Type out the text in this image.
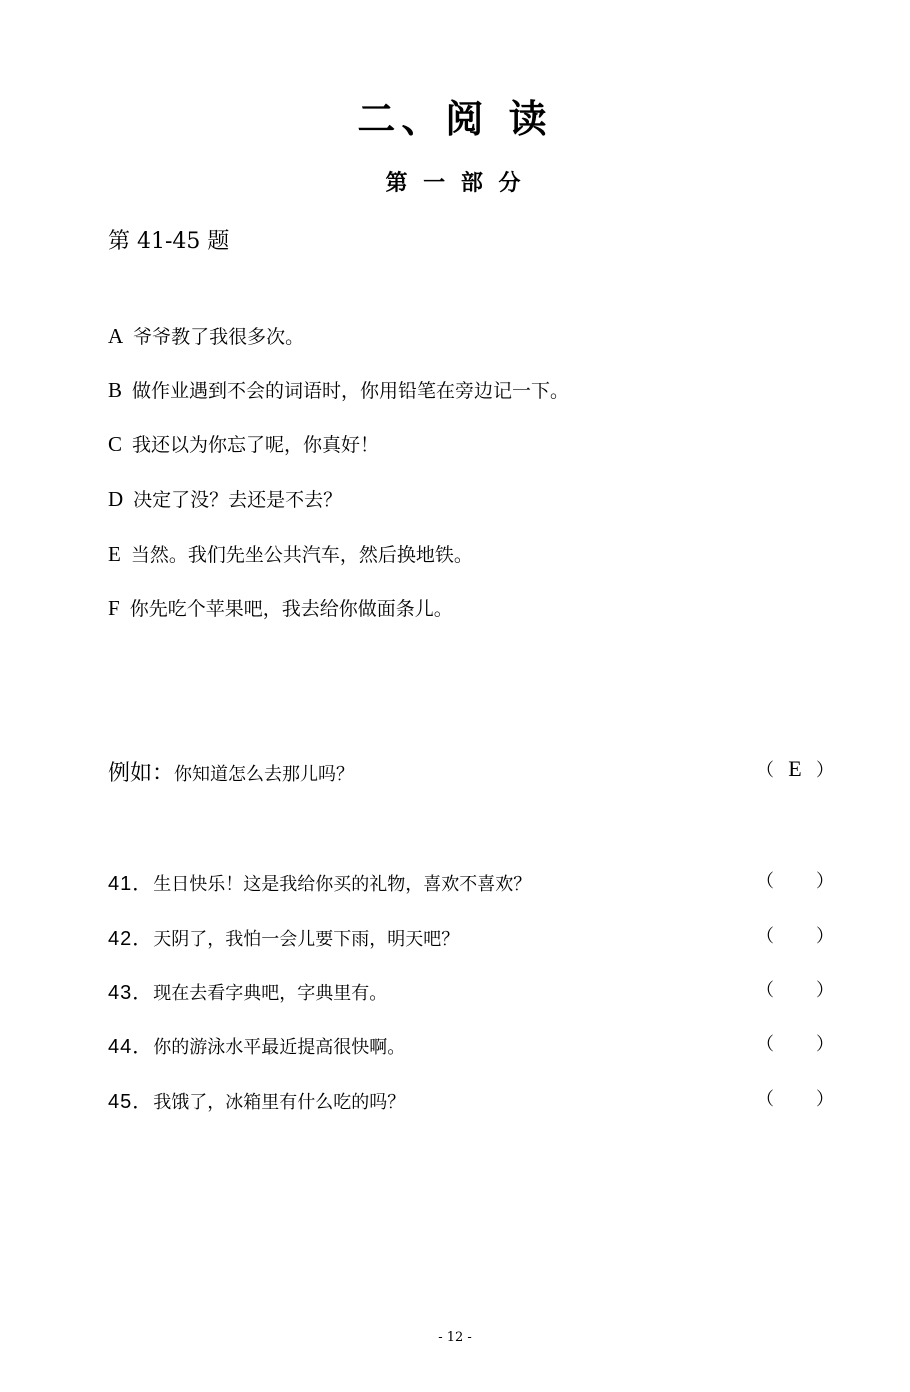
二、阅 读
第 一 部 分
第 41-45 题
A 爷爷教了我很多次。
B 做作业遇到不会的词语时，你用铅笔在旁边记一下。
C 我还以为你忘了呢，你真好！
D 决定了没？去还是不去？
E 当然。我们先坐公共汽车，然后换地铁。
F 你先吃个苹果吧，我去给你做面条儿。
例如：你知道怎么去那儿吗？	（ E ）
41．生日快乐！这是我给你买的礼物，喜欢不喜欢？	（ ）
42．天阴了，我怕一会儿要下雨，明天吧？	（ ）
43．现在去看字典吧，字典里有。	（ ）
44．你的游泳水平最近提高很快啊。	（ ）
45．我饿了，冰箱里有什么吃的吗？	（ ）
- 12 -
